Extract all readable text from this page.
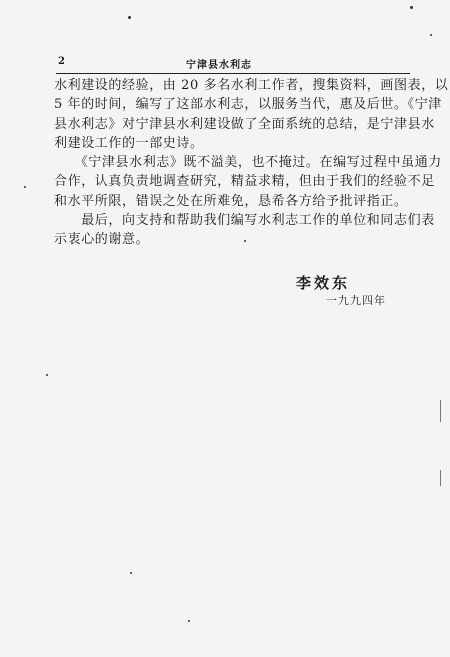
2	宁津县水利志
水利建设的经验，由 20 多名水利工作者，搜集资料，画图表，以
5 年的时间，编写了这部水利志，以服务当代，惠及后世。《宁津
县水利志》对宁津县水利建设做了全面系统的总结，是宁津县水
利建设工作的一部史诗。
　　《宁津县水利志》既不溢美，也不掩过。在编写过程中虽通力
合作，认真负责地调查研究，精益求精，但由于我们的经验不足
和水平所限，错误之处在所难免，恳希各方给予批评指正。
　　最后，向支持和帮助我们编写水利志工作的单位和同志们表
示衷心的谢意。
李效东
一九九四年
